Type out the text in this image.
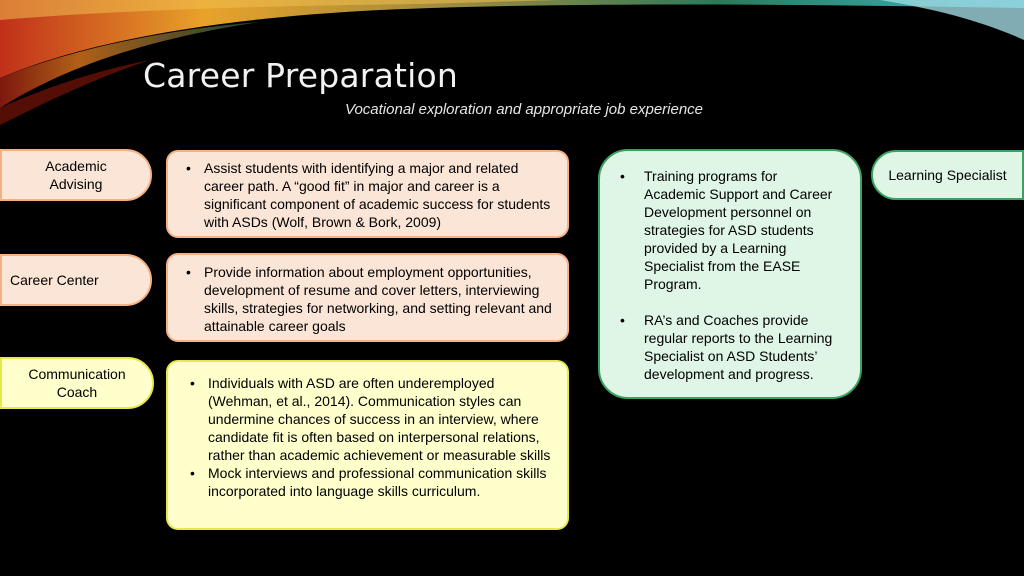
Career Preparation
Vocational exploration and appropriate job experience
Academic
Advising
Career Center
Communication
Coach
Learning Specialist
• Assist students with identifying a major and related career path. A “good fit” in major and career is a significant component of academic success for students with ASDs (Wolf, Brown & Bork, 2009)
• Provide information about employment opportunities, development of resume and cover letters, interviewing skills, strategies for networking, and setting relevant and attainable career goals
• Individuals with ASD are often underemployed (Wehman, et al., 2014). Communication styles can undermine chances of success in an interview, where candidate fit is often based on interpersonal relations, rather than academic achievement or measurable skills
• Mock interviews and professional communication skills incorporated into language skills curriculum.
• Training programs for Academic Support and Career Development personnel on strategies for ASD students provided by a Learning Specialist from the EASE Program.
• RA’s and Coaches provide regular reports to the Learning Specialist on ASD Students’ development and progress.
